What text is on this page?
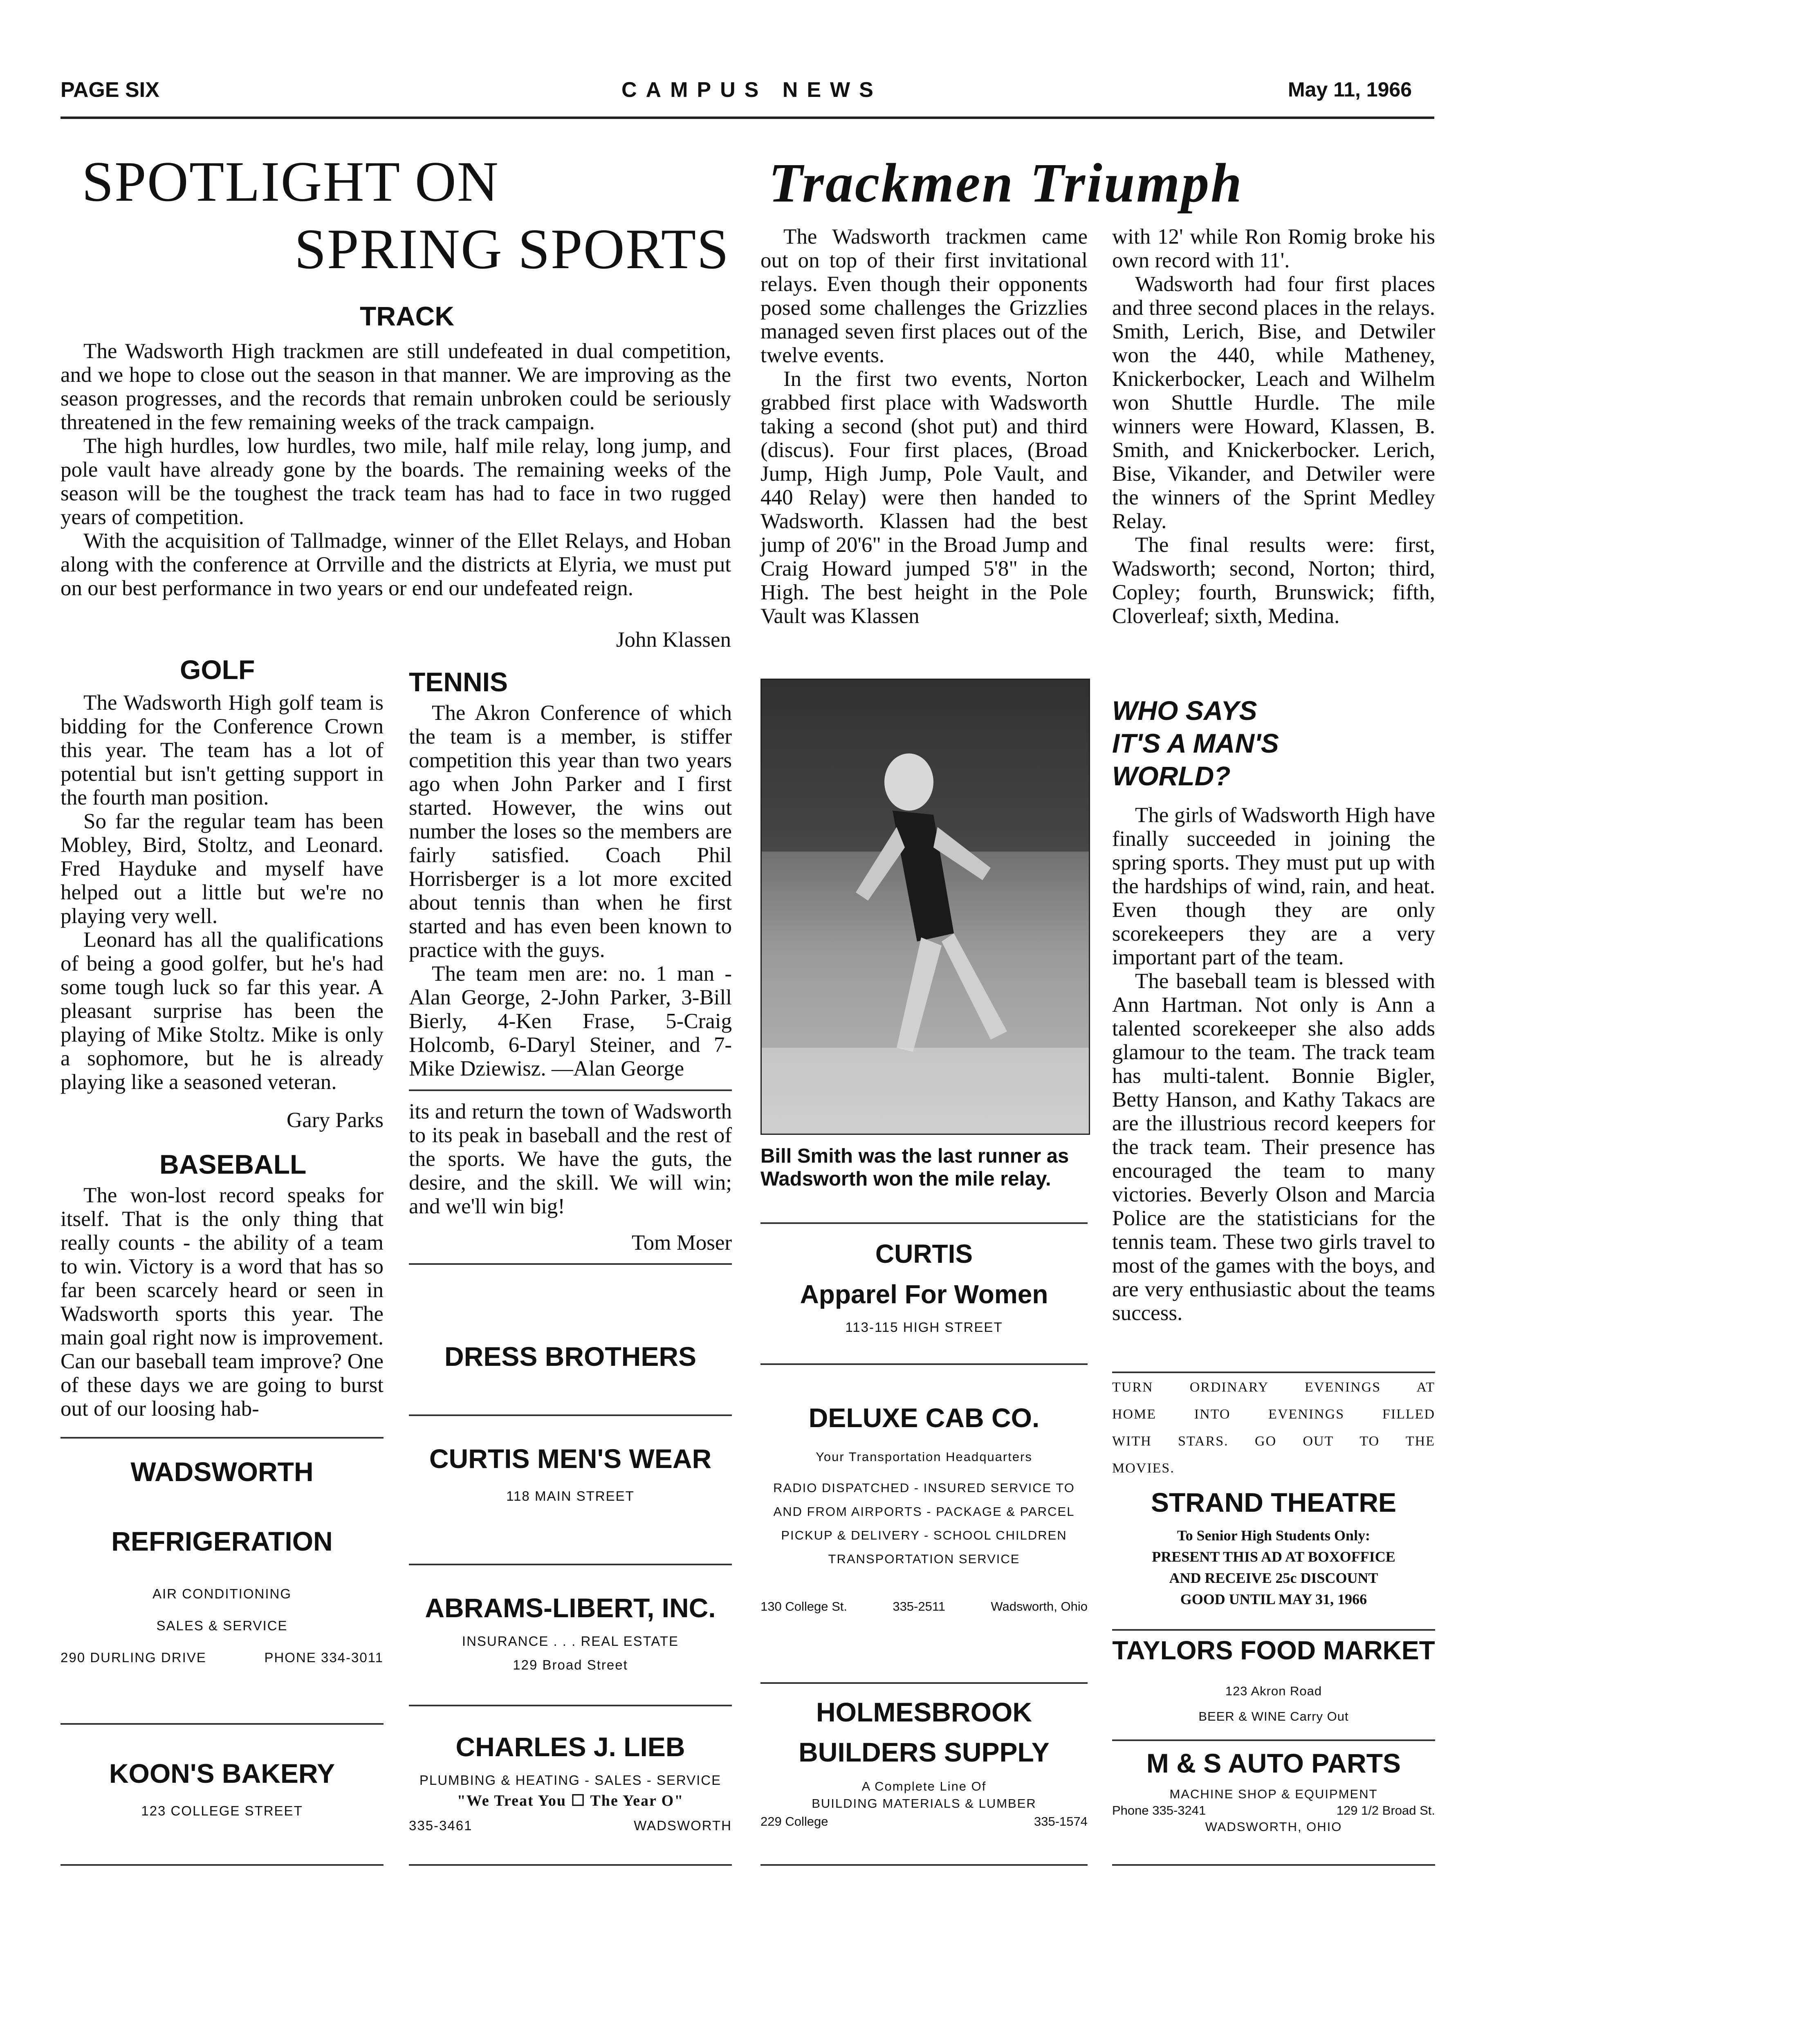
PAGE SIX	CAMPUS NEWS	May 11, 1966
SPOTLIGHT ON
SPRING SPORTS
TRACK

The Wadsworth High trackmen are still undefeated in dual competition, and we hope to close out the season in that manner. We are improving as the season progresses, and the records that remain unbroken could be seriously threatened in the few remaining weeks of the track campaign.

The high hurdles, low hurdles, two mile, half mile relay, long jump, and pole vault have already gone by the boards. The remaining weeks of the season will be the toughest the track team has had to face in two rugged years of competition.

With the acquisition of Tallmadge, winner of the Ellet Relays, and Hoban along with the conference at Orrville and the districts at Elyria, we must put on our best performance in two years or end our undefeated reign.

John Klassen
GOLF

The Wadsworth High golf team is bidding for the Conference Crown this year. The team has a lot of potential but isn't getting support in the fourth man position.

So far the regular team has been Mobley, Bird, Stoltz, and Leonard. Fred Hayduke and myself have helped out a little but we're no playing very well.

Leonard has all the qualifications of being a good golfer, but he's had some tough luck so far this year. A pleasant surprise has been the playing of Mike Stoltz. Mike is only a sophomore, but he is already playing like a seasoned veteran.

Gary Parks
BASEBALL

The won-lost record speaks for itself. That is the only thing that really counts - the ability of a team to win. Victory is a word that has so far been scarcely heard or seen in Wadsworth sports this year. The main goal right now is improvement. Can our baseball team improve? One of these days we are going to burst out of our loosing hab-

TENNIS

The Akron Conference of which the team is a member, is stiffer competition this year than two years ago when John Parker and I first started. However, the wins out number the loses so the members are fairly satisfied. Coach Phil Horrisberger is a lot more excited about tennis than when he first started and has even been known to practice with the guys.

The team men are: no. 1 man - Alan George, 2-John Parker, 3-Bill Bierly, 4-Ken Frase, 5-Craig Holcomb, 6-Daryl Steiner, and 7-Mike Dziewisz. —Alan George

its and return the town of Wadsworth to its peak in baseball and the rest of the sports. We have the guts, the desire, and the skill. We will win; and we'll win big!

Tom Moser
Trackmen Triumph

The Wadsworth trackmen came out on top of their first invitational relays. Even though their opponents posed some challenges the Grizzlies managed seven first places out of the twelve events.

In the first two events, Norton grabbed first place with Wadsworth taking a second (shot put) and third (discus). Four first places, (Broad Jump, High Jump, Pole Vault, and 440 Relay) were then handed to Wadsworth. Klassen had the best jump of 20'6" in the Broad Jump and Craig Howard jumped 5'8" in the High. The best height in the Pole Vault was Klassen

with 12' while Ron Romig broke his own record with 11'.

Wadsworth had four first places and three second places in the relays. Smith, Lerich, Bise, and Detwiler won the 440, while Matheney, Knickerbocker, Leach and Wilhelm won Shuttle Hurdle. The mile winners were Howard, Klassen, B. Smith, and Knickerbocker. Lerich, Bise, Vikander, and Detwiler were the winners of the Sprint Medley Relay.

The final results were: first, Wadsworth; second, Norton; third, Copley; fourth, Brunswick; fifth, Cloverleaf; sixth, Medina.

Bill Smith was the last runner as Wadsworth won the mile relay.
WHO SAYS
IT'S A MAN'S
WORLD?

The girls of Wadsworth High have finally succeeded in joining the spring sports. They must put up with the hardships of wind, rain, and heat. Even though they are only scorekeepers they are a very important part of the team.

The baseball team is blessed with Ann Hartman. Not only is Ann a talented scorekeeper she also adds glamour to the team. The track team has multi-talent. Bonnie Bigler, Betty Hanson, and Kathy Takacs are are the illustrious record keepers for the track team. Their presence has encouraged the team to many victories. Beverly Olson and Marcia Police are the statisticians for the tennis team. These two girls travel to most of the games with the boys, and are very enthusiastic about the teams success.

WADSWORTH

REFRIGERATION

AIR CONDITIONING

SALES & SERVICE

290 DURLING DRIVE	PHONE 334-3011

KOON'S BAKERY

123 COLLEGE STREET

DRESS BROTHERS

CURTIS MEN'S WEAR

118 MAIN STREET

ABRAMS-LIBERT, INC.

INSURANCE . . . REAL ESTATE

129 Broad Street

CHARLES J. LIEB

PLUMBING & HEATING - SALES - SERVICE

"We Treat You ☐ The Year O"

335-3461	WADSWORTH

CURTIS

Apparel For Women

113-115 HIGH STREET

DELUXE CAB CO.

Your Transportation Headquarters

RADIO DISPATCHED - INSURED SERVICE TO

AND FROM AIRPORTS - PACKAGE & PARCEL

PICKUP & DELIVERY - SCHOOL CHILDREN

TRANSPORTATION SERVICE

130 College St.	335-2511	Wadsworth, Ohio

HOLMESBROOK

BUILDERS SUPPLY

A Complete Line Of

BUILDING MATERIALS & LUMBER

229 College	335-1574

TURN ORDINARY EVENINGS AT

HOME INTO EVENINGS FILLED

WITH STARS. GO OUT TO THE

MOVIES.

STRAND THEATRE

To Senior High Students Only:

PRESENT THIS AD AT BOXOFFICE

AND RECEIVE 25c DISCOUNT

GOOD UNTIL MAY 31, 1966

TAYLORS FOOD MARKET

123 Akron Road

BEER & WINE Carry Out

M & S AUTO PARTS

MACHINE SHOP & EQUIPMENT

Phone 335-3241	129 1/2 Broad St.

WADSWORTH, OHIO
